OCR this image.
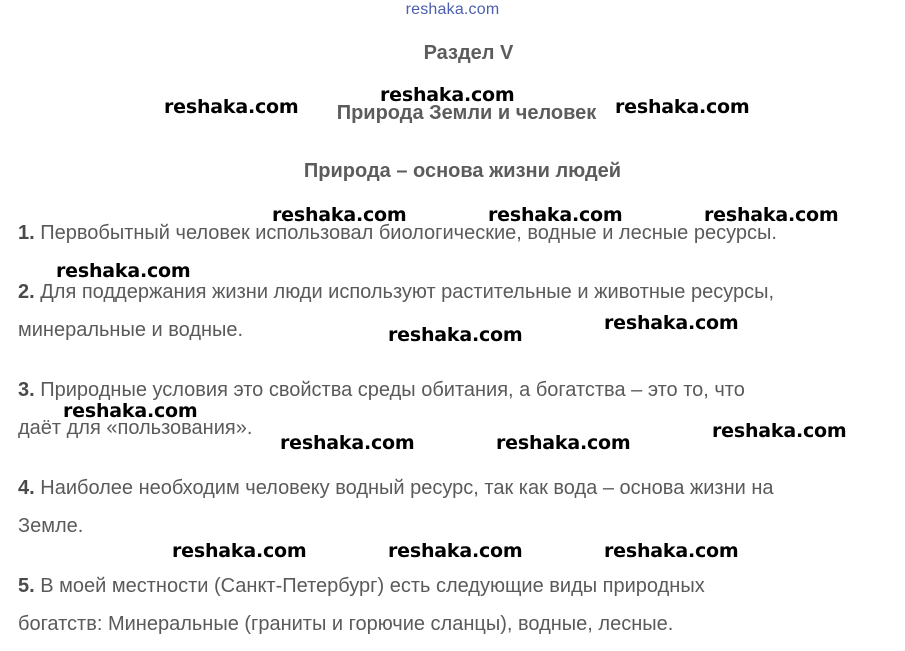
reshaka.com
Раздел V
Природа Земли и человек
Природа – основа жизни людей
1. Первобытный человек использовал биологические, водные и лесные ресурсы.
2. Для поддержания жизни люди используют растительные и животные ресурсы,
минеральные и водные.
3. Природные условия это свойства среды обитания, а богатства – это то, что
даёт для «пользования».
4. Наиболее необходим человеку водный ресурс, так как вода – основа жизни на
Земле.
5. В моей местности (Санкт-Петербург) есть следующие виды природных
богатств: Минеральные (граниты и горючие сланцы), водные, лесные.
reshaka.com
reshaka.com
reshaka.com
reshaka.com	reshaka.com	reshaka.com
reshaka.com
reshaka.com
reshaka.com
reshaka.com
reshaka.com
reshaka.com	reshaka.com
reshaka.com	reshaka.com	reshaka.com
